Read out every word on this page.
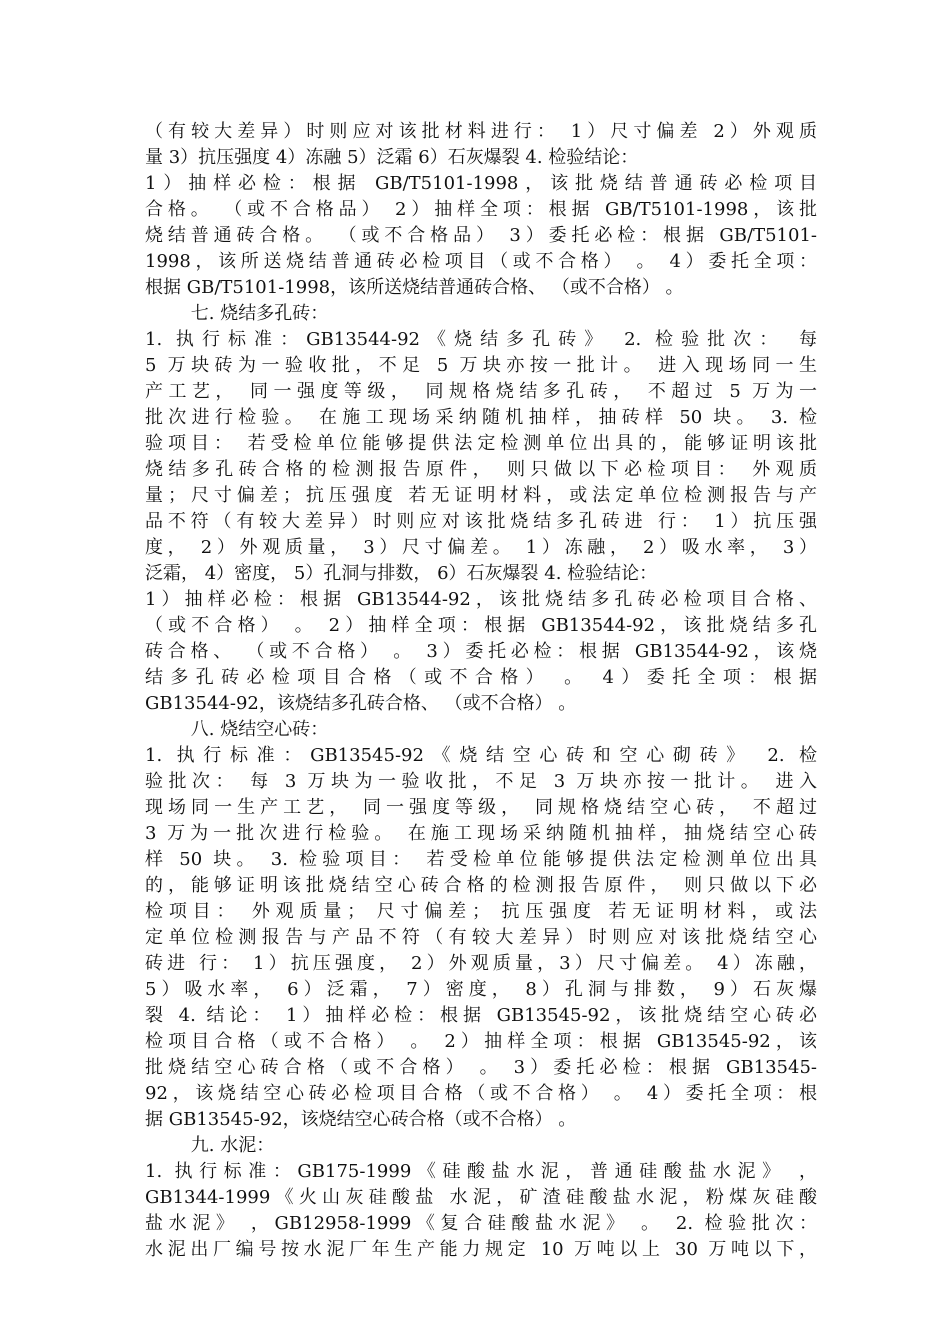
（有较大差异）时则应对该批材料进行： 1）尺寸偏差 2）外观质
量 3）抗压强度 4）冻融 5）泛霜 6）石灰爆裂 4. 检验结论：
1）抽样必检：根据 GB/T5101-1998，该批烧结普通砖必检项目
合格。 （或不合格品） 2）抽样全项：根据 GB/T5101-1998，该批
烧结普通砖合格。 （或不合格品） 3）委托必检：根据 GB/T5101-
1998，该所送烧结普通砖必检项目（或不合格） 。 4）委托全项：
根据 GB/T5101-1998，该所送烧结普通砖合格、 （或不合格） 。
七. 烧结多孔砖：
1. 执行标准：GB13544-92《烧结多孔砖》 2. 检验批次： 每
5 万块砖为一验收批，不足 5 万块亦按一批计。 进入现场同一生
产工艺， 同一强度等级， 同规格烧结多孔砖， 不超过 5 万为一
批次进行检验。 在施工现场采纳随机抽样，抽砖样 50 块。 3. 检
验项目： 若受检单位能够提供法定检测单位出具的，能够证明该批
烧结多孔砖合格的检测报告原件， 则只做以下必检项目： 外观质
量；尺寸偏差；抗压强度 若无证明材料，或法定单位检测报告与产
品不符（有较大差异）时则应对该批烧结多孔砖进 行： 1）抗压强
度， 2）外观质量， 3）尺寸偏差。 1）冻融， 2）吸水率， 3）
泛霜， 4）密度， 5）孔洞与排数， 6）石灰爆裂 4. 检验结论：
1）抽样必检：根据 GB13544-92，该批烧结多孔砖必检项目合格、
（或不合格） 。 2）抽样全项：根据 GB13544-92，该批烧结多孔
砖合格、 （或不合格） 。 3）委托必检：根据 GB13544-92，该烧
结多孔砖必检项目合格（或不合格） 。 4）委托全项：根据
GB13544-92，该烧结多孔砖合格、 （或不合格） 。
八. 烧结空心砖：
1. 执行标准：GB13545-92《烧结空心砖和空心砌砖》 2. 检
验批次： 每 3 万块为一验收批，不足 3 万块亦按一批计。 进入
现场同一生产工艺， 同一强度等级， 同规格烧结空心砖， 不超过
3 万为一批次进行检验。 在施工现场采纳随机抽样，抽烧结空心砖
样 50 块。 3. 检验项目： 若受检单位能够提供法定检测单位出具
的，能够证明该批烧结空心砖合格的检测报告原件， 则只做以下必
检项目： 外观质量； 尺寸偏差； 抗压强度 若无证明材料，或法
定单位检测报告与产品不符（有较大差异）时则应对该批烧结空心
砖进 行： 1）抗压强度， 2）外观质量，3）尺寸偏差。 4）冻融，
5）吸水率， 6）泛霜， 7）密度， 8）孔洞与排数， 9）石灰爆
裂 4. 结论： 1）抽样必检：根据 GB13545-92，该批烧结空心砖必
检项目合格（或不合格） 。 2）抽样全项：根据 GB13545-92，该
批烧结空心砖合格（或不合格） 。 3）委托必检：根据 GB13545-
92，该烧结空心砖必检项目合格（或不合格） 。 4）委托全项：根
据 GB13545-92，该烧结空心砖合格（或不合格） 。
九. 水泥：
1. 执行标准：GB175-1999《硅酸盐水泥，普通硅酸盐水泥》 ，
GB1344-1999《火山灰硅酸盐 水泥，矿渣硅酸盐水泥，粉煤灰硅酸
盐水泥》 ，GB12958-1999《复合硅酸盐水泥》 。 2. 检验批次：
水泥出厂编号按水泥厂年生产能力规定 10 万吨以上 30 万吨以下，
